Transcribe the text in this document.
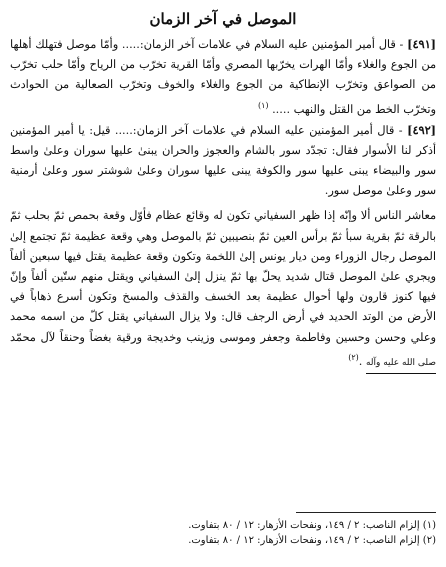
الموصل في آخر الزمان

[٤٩١] - قال أمير المؤمنين عليه السلام في علامات آخر الزمان:..... وأمّا موصل فتهلك أهلها من الجوع والغلاء وأمّا الهرات يخرّبها المصري وأمّا القرية تخرّب من الرياح وأمّا حلب تخرّب من الصواعق وتخرّب الإنطاكية من الجوع والغلاء والخوف وتخرّب الصعالية من الحوادث وتخرّب الخط من القتل والنهب ..... $^{(١)}$

[٤٩٢] - قال أمير المؤمنين عليه السلام في علامات آخر الزمان:..... قيل: يا أمير المؤمنين أذكر لنا الأسوار فقال: تجدّد سور بالشام والعجوز والحران يبنىٰ عليها سوران وعلىٰ واسط سور والبيضاء يبنى عليها سور والكوفة يبنى عليها سوران وعلىٰ شوشتر سور وعلىٰ أرمنية سور وعلىٰ موصل سور.

معاشر الناس ألا وإنّه إذا ظهر السفياني تكون له وقائع عظام فأوّل وقعة بحمص ثمّ بحلب ثمّ بالرقة ثمّ بقرية سبأ ثمّ برأس العين ثمّ بنصيبين ثمّ بالموصل وهي وقعة عظيمة ثمّ تجتمع إلىٰ الموصل رجال الزوراء ومن ديار يونس إلىٰ اللخمة وتكون وقعة عظيمة يقتل فيها سبعين ألفاً ويجري علىٰ الموصل قتال شديد يحلّ بها ثمّ ينزل إلىٰ السفياني ويقتل منهم ستّين ألفاً وإنّ فيها كنوز قارون ولها أحوال عظيمة بعد الخسف والقذف والمسخ وتكون أسرع ذهاباً في الأرض من الوتد الحديد في أرض الرجف قال: ولا يزال السفياني يقتل كلّ من اسمه محمد وعلي وحسن وحسين وفاطمة وجعفر وموسى وزينب وخديجة ورقية بغضاً وحنقاً لآل محمّد صلى الله عليه وآله .$^{(٢)}$

(١) إلزام الناصب: ٢ / ١٤٩، ونفحات الأزهار: ١٢ / ٨٠ بتفاوت.

(٢) إلزام الناصب: ٢ / ١٤٩، ونفحات الأزهار: ١٢ / ٨٠ بتفاوت.
